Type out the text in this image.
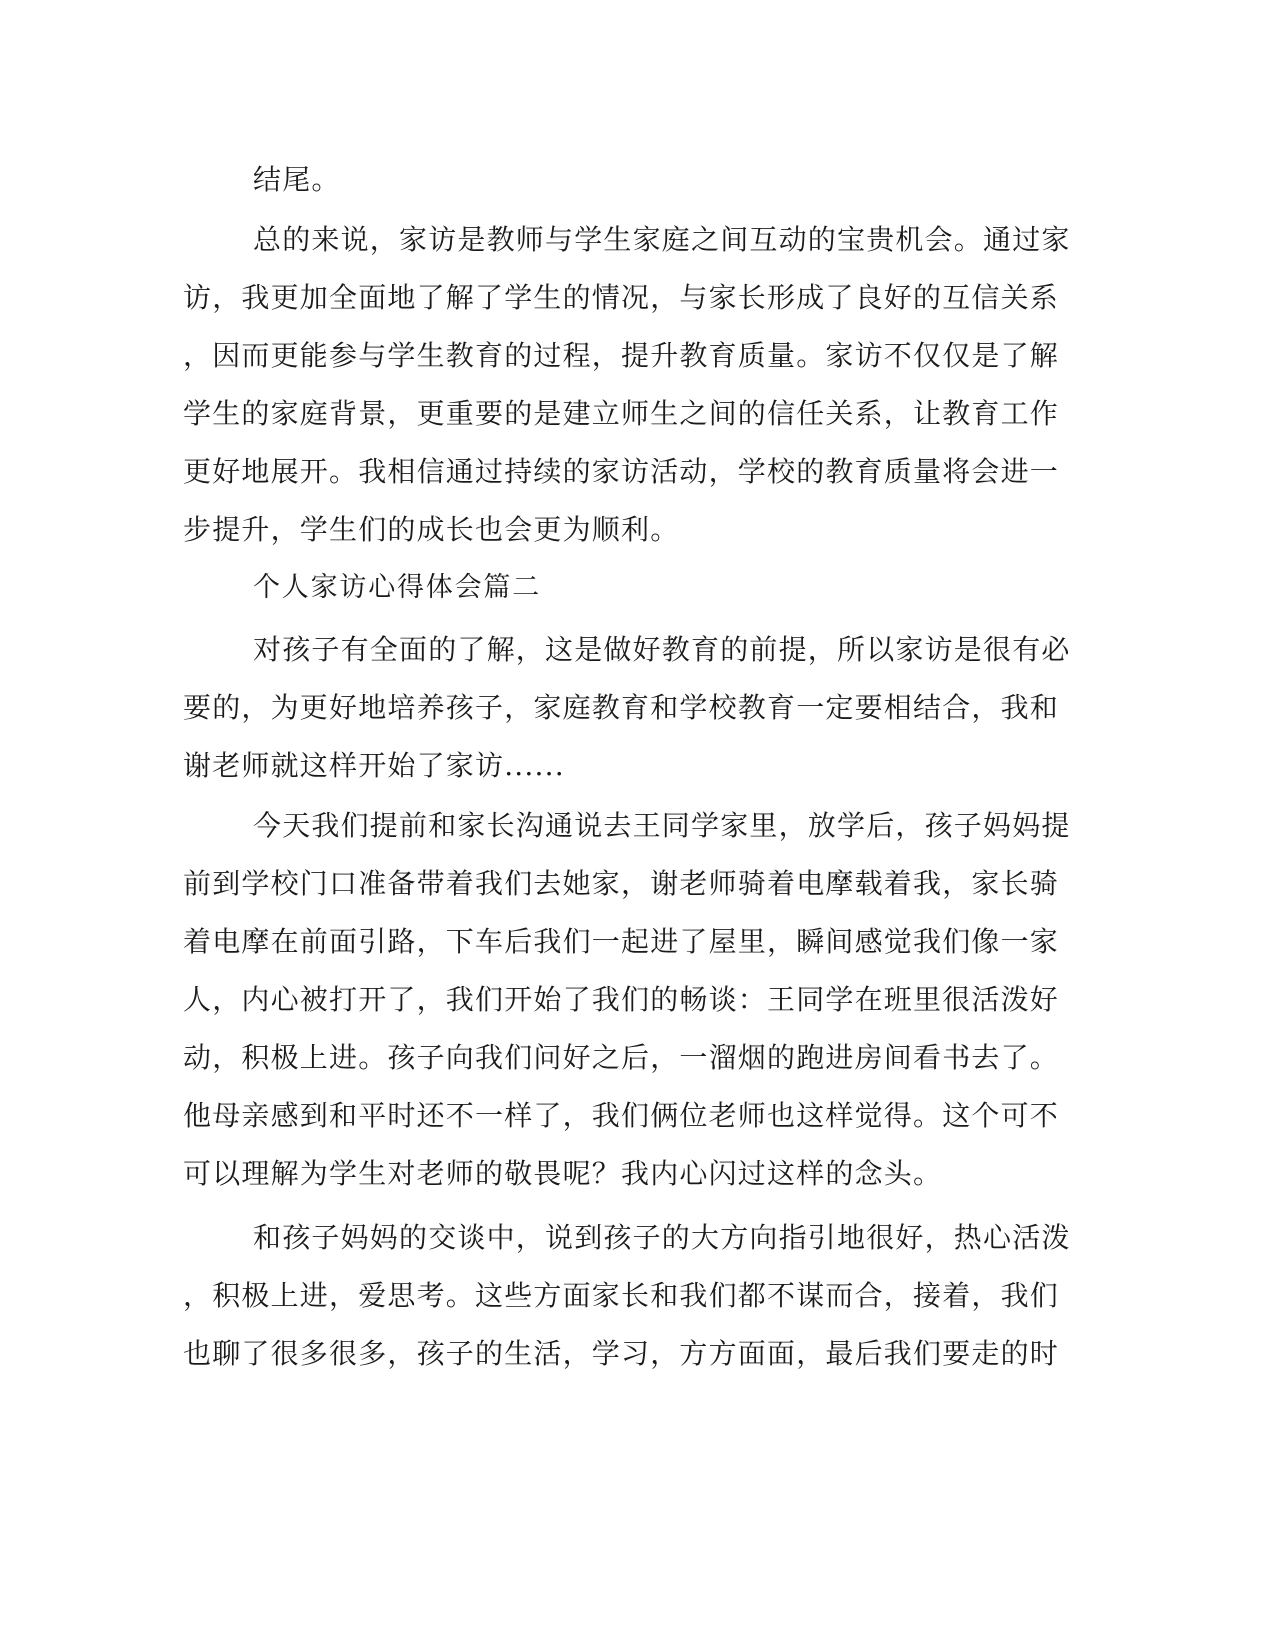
结尾。
总的来说，家访是教师与学生家庭之间互动的宝贵机会。通过家
访，我更加全面地了解了学生的情况，与家长形成了良好的互信关系
，因而更能参与学生教育的过程，提升教育质量。家访不仅仅是了解
学生的家庭背景，更重要的是建立师生之间的信任关系，让教育工作
更好地展开。我相信通过持续的家访活动，学校的教育质量将会进一
步提升，学生们的成长也会更为顺利。
个人家访心得体会篇二
对孩子有全面的了解，这是做好教育的前提，所以家访是很有必
要的，为更好地培养孩子，家庭教育和学校教育一定要相结合，我和
谢老师就这样开始了家访......
今天我们提前和家长沟通说去王同学家里，放学后，孩子妈妈提
前到学校门口准备带着我们去她家，谢老师骑着电摩载着我，家长骑
着电摩在前面引路，下车后我们一起进了屋里，瞬间感觉我们像一家
人，内心被打开了，我们开始了我们的畅谈：王同学在班里很活泼好
动，积极上进。孩子向我们问好之后，一溜烟的跑进房间看书去了。
他母亲感到和平时还不一样了，我们俩位老师也这样觉得。这个可不
可以理解为学生对老师的敬畏呢？我内心闪过这样的念头。
和孩子妈妈的交谈中，说到孩子的大方向指引地很好，热心活泼
，积极上进，爱思考。这些方面家长和我们都不谋而合，接着，我们
也聊了很多很多，孩子的生活，学习，方方面面，最后我们要走的时
